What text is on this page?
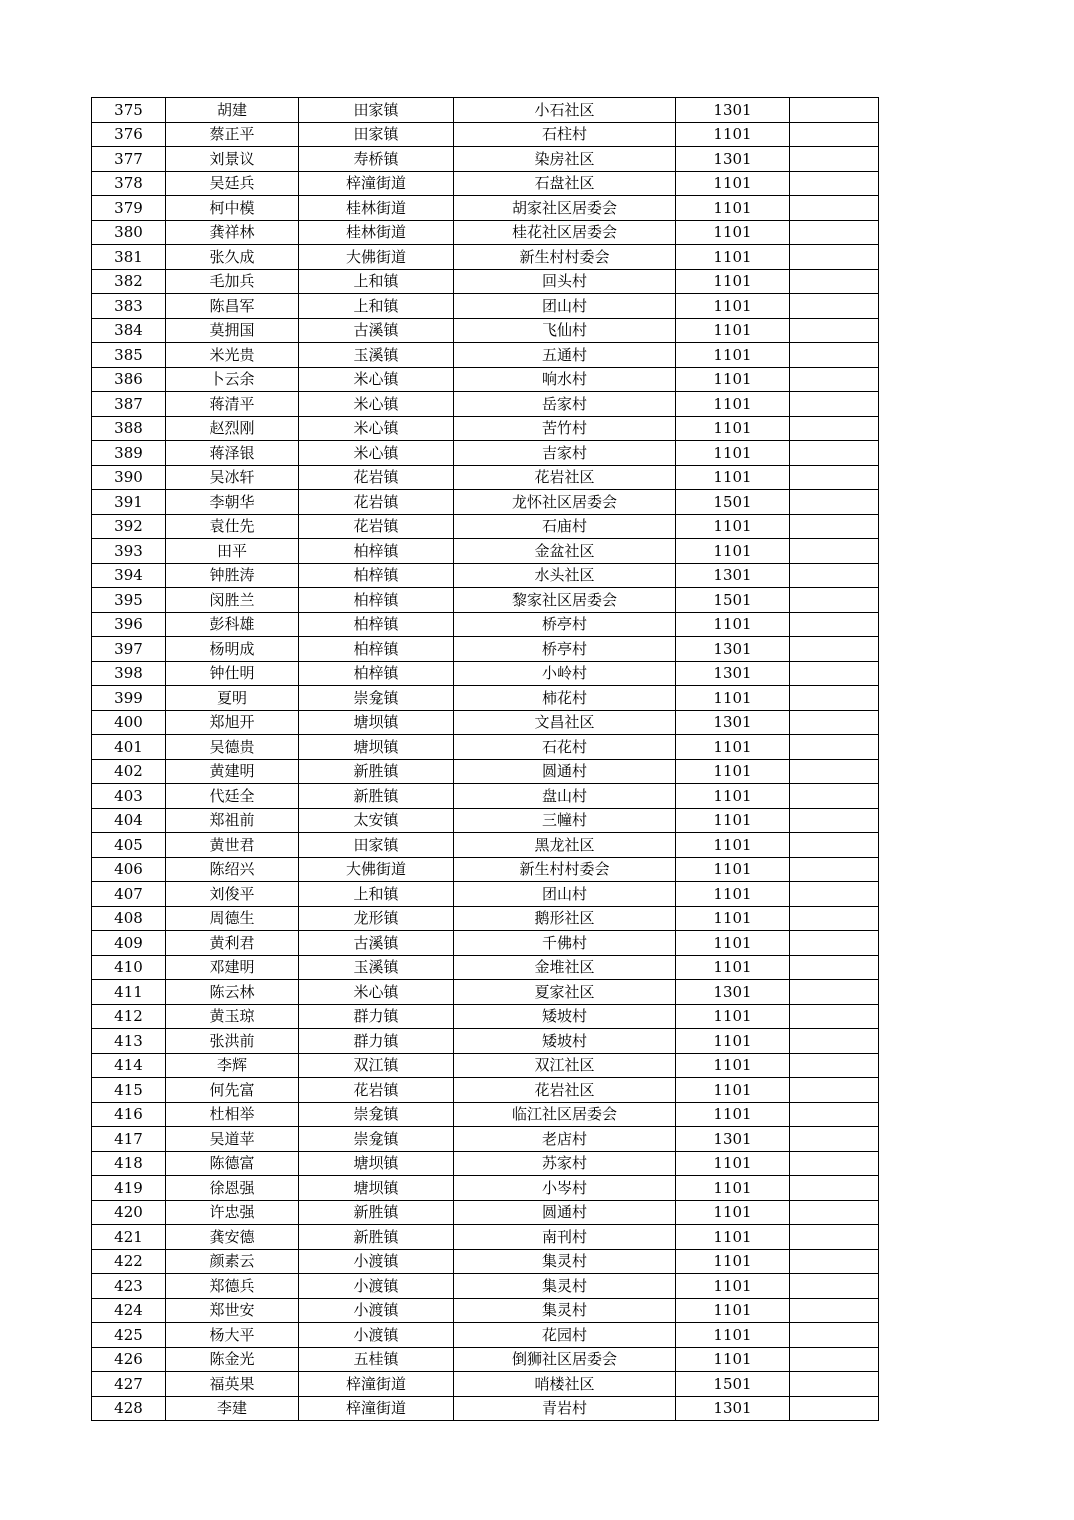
375	胡建	田家镇	小石社区	1301	
376	蔡正平	田家镇	石柱村	1101	
377	刘景议	寿桥镇	染房社区	1301	
378	吴廷兵	梓潼街道	石盘社区	1101	
379	柯中模	桂林街道	胡家社区居委会	1101	
380	龚祥林	桂林街道	桂花社区居委会	1101	
381	张久成	大佛街道	新生村村委会	1101	
382	毛加兵	上和镇	回头村	1101	
383	陈昌军	上和镇	团山村	1101	
384	莫拥国	古溪镇	飞仙村	1101	
385	米光贵	玉溪镇	五通村	1101	
386	卜云余	米心镇	响水村	1101	
387	蒋清平	米心镇	岳家村	1101	
388	赵烈刚	米心镇	苦竹村	1101	
389	蒋泽银	米心镇	吉家村	1101	
390	吴冰轩	花岩镇	花岩社区	1101	
391	李朝华	花岩镇	龙怀社区居委会	1501	
392	袁仕先	花岩镇	石庙村	1101	
393	田平	柏梓镇	金盆社区	1101	
394	钟胜涛	柏梓镇	水头社区	1301	
395	闵胜兰	柏梓镇	黎家社区居委会	1501	
396	彭科雄	柏梓镇	桥亭村	1101	
397	杨明成	柏梓镇	桥亭村	1301	
398	钟仕明	柏梓镇	小岭村	1301	
399	夏明	崇龛镇	柿花村	1101	
400	郑旭开	塘坝镇	文昌社区	1301	
401	吴德贵	塘坝镇	石花村	1101	
402	黄建明	新胜镇	圆通村	1101	
403	代廷全	新胜镇	盘山村	1101	
404	郑祖前	太安镇	三幢村	1101	
405	黄世君	田家镇	黑龙社区	1101	
406	陈绍兴	大佛街道	新生村村委会	1101	
407	刘俊平	上和镇	团山村	1101	
408	周德生	龙形镇	鹅形社区	1101	
409	黄利君	古溪镇	千佛村	1101	
410	邓建明	玉溪镇	金堆社区	1101	
411	陈云林	米心镇	夏家社区	1301	
412	黄玉琼	群力镇	矮坡村	1101	
413	张洪前	群力镇	矮坡村	1101	
414	李辉	双江镇	双江社区	1101	
415	何先富	花岩镇	花岩社区	1101	
416	杜相举	崇龛镇	临江社区居委会	1101	
417	吴道苹	崇龛镇	老店村	1301	
418	陈德富	塘坝镇	苏家村	1101	
419	徐恩强	塘坝镇	小岑村	1101	
420	许忠强	新胜镇	圆通村	1101	
421	龚安德	新胜镇	南刊村	1101	
422	颜素云	小渡镇	集灵村	1101	
423	郑德兵	小渡镇	集灵村	1101	
424	郑世安	小渡镇	集灵村	1101	
425	杨大平	小渡镇	花园村	1101	
426	陈金光	五桂镇	倒狮社区居委会	1101	
427	福英果	梓潼街道	哨楼社区	1501	
428	李建	梓潼街道	青岩村	1301	
